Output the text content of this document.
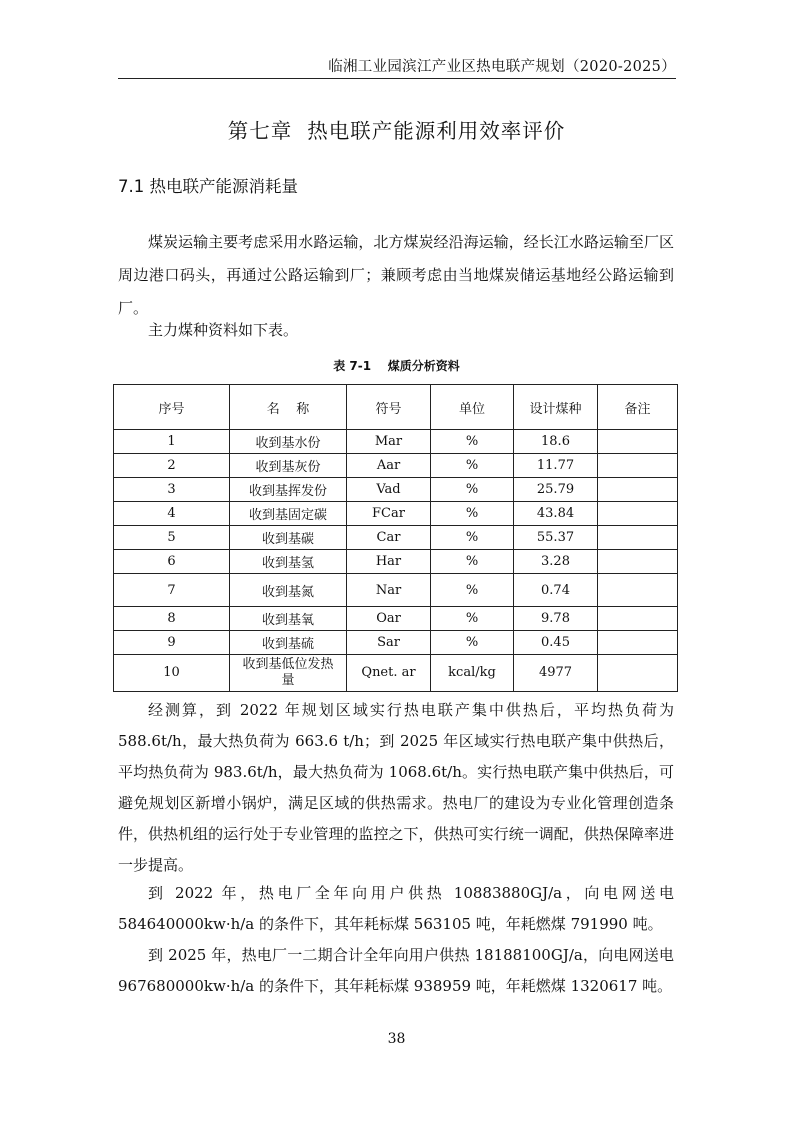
临湘工业园滨江产业区热电联产规划（2020-2025）
第七章  热电联产能源利用效率评价
7.1 热电联产能源消耗量
煤炭运输主要考虑采用水路运输，北方煤炭经沿海运输，经长江水路运输至厂区周边港口码头，再通过公路运输到厂；兼顾考虑由当地煤炭储运基地经公路运输到厂。
主力煤种资料如下表。
表 7-1    煤质分析资料
序号	名    称	符号	单位	设计煤种	备注
1	收到基水份	Mar	%	18.6	
2	收到基灰份	Aar	%	11.77	
3	收到基挥发份	Vad	%	25.79	
4	收到基固定碳	FCar	%	43.84	
5	收到基碳	Car	%	55.37	
6	收到基氢	Har	%	3.28	
7	收到基氮	Nar	%	0.74	
8	收到基氧	Oar	%	9.78	
9	收到基硫	Sar	%	0.45	
10	收到基低位发热量	Qnet. ar	kcal/kg	4977	
经测算，到 2022 年规划区域实行热电联产集中供热后，平均热负荷为588.6t/h，最大热负荷为 663.6 t/h；到 2025 年区域实行热电联产集中供热后，平均热负荷为 983.6t/h，最大热负荷为 1068.6t/h。实行热电联产集中供热后，可避免规划区新增小锅炉，满足区域的供热需求。热电厂的建设为专业化管理创造条件，供热机组的运行处于专业管理的监控之下，供热可实行统一调配，供热保障率进一步提高。
到 2022 年，热电厂全年向用户供热 10883880GJ/a，向电网送电584640000kw·h/a 的条件下，其年耗标煤 563105 吨，年耗燃煤 791990 吨。
到 2025 年，热电厂一二期合计全年向用户供热 18188100GJ/a，向电网送电967680000kw·h/a 的条件下，其年耗标煤 938959 吨，年耗燃煤 1320617 吨。
38
